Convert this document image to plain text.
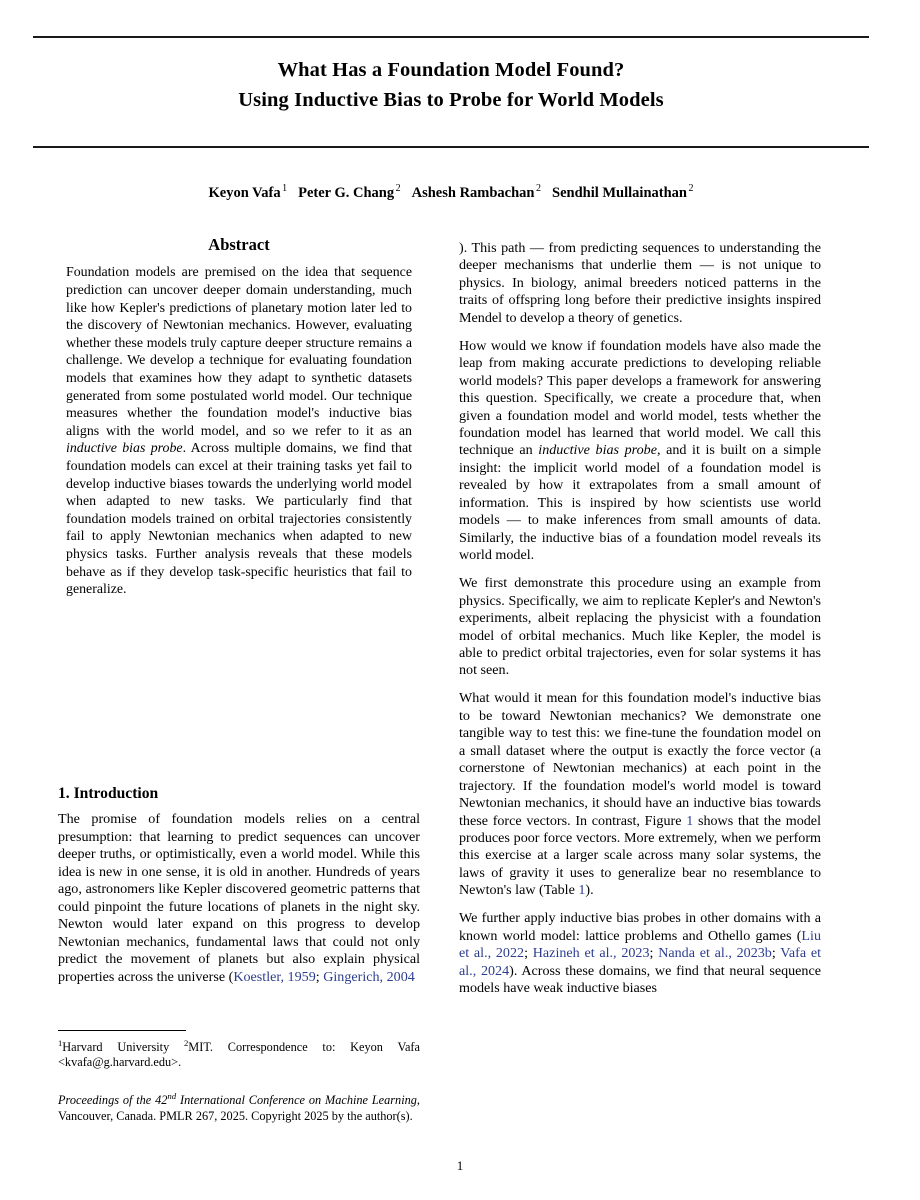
What Has a Foundation Model Found?
Using Inductive Bias to Probe for World Models
Keyon Vafa $^1$ Peter G. Chang $^2$ Ashesh Rambachan $^2$ Sendhil Mullainathan $^2$
Abstract

Foundation models are premised on the idea that sequence prediction can uncover deeper domain understanding, much like how Kepler's predictions of planetary motion later led to the discovery of Newtonian mechanics. However, evaluating whether these models truly capture deeper structure remains a challenge. We develop a technique for evaluating foundation models that examines how they adapt to synthetic datasets generated from some postulated world model. Our technique measures whether the foundation model's inductive bias aligns with the world model, and so we refer to it as an inductive bias probe. Across multiple domains, we find that foundation models can excel at their training tasks yet fail to develop inductive biases towards the underlying world model when adapted to new tasks. We particularly find that foundation models trained on orbital trajectories consistently fail to apply Newtonian mechanics when adapted to new physics tasks. Further analysis reveals that these models behave as if they develop task-specific heuristics that fail to generalize.

1. Introduction

The promise of foundation models relies on a central presumption: that learning to predict sequences can uncover deeper truths, or optimistically, even a world model. While this idea is new in one sense, it is old in another. Hundreds of years ago, astronomers like Kepler discovered geometric patterns that could pinpoint the future locations of planets in the night sky. Newton would later expand on this progress to develop Newtonian mechanics, fundamental laws that could not only predict the movement of planets but also explain physical properties across the universe (Koestler, 1959; Gingerich, 2004

). This path — from predicting sequences to understanding the deeper mechanisms that underlie them — is not unique to physics. In biology, animal breeders noticed patterns in the traits of offspring long before their predictive insights inspired Mendel to develop a theory of genetics.

How would we know if foundation models have also made the leap from making accurate predictions to developing reliable world models? This paper develops a framework for answering this question. Specifically, we create a procedure that, when given a foundation model and world model, tests whether the foundation model has learned that world model. We call this technique an inductive bias probe, and it is built on a simple insight: the implicit world model of a foundation model is revealed by how it extrapolates from a small amount of information. This is inspired by how scientists use world models — to make inferences from small amounts of data. Similarly, the inductive bias of a foundation model reveals its world model.

We first demonstrate this procedure using an example from physics. Specifically, we aim to replicate Kepler's and Newton's experiments, albeit replacing the physicist with a foundation model of orbital mechanics. Much like Kepler, the model is able to predict orbital trajectories, even for solar systems it has not seen.

What would it mean for this foundation model's inductive bias to be toward Newtonian mechanics? We demonstrate one tangible way to test this: we fine-tune the foundation model on a small dataset where the output is exactly the force vector (a cornerstone of Newtonian mechanics) at each point in the trajectory. If the foundation model's world model is toward Newtonian mechanics, it should have an inductive bias towards these force vectors. In contrast, Figure 1 shows that the model produces poor force vectors. More extremely, when we perform this exercise at a larger scale across many solar systems, the laws of gravity it uses to generalize bear no resemblance to Newton's law (Table 1).

We further apply inductive bias probes in other domains with a known world model: lattice problems and Othello games (Liu et al., 2022; Hazineh et al., 2023; Nanda et al., 2023b; Vafa et al., 2024). Across these domains, we find that neural sequence models have weak inductive biases

$^1$Harvard University $^2$MIT. Correspondence to: Keyon Vafa <kvafa@g.harvard.edu>.
Proceedings of the 42nd International Conference on Machine Learning, Vancouver, Canada. PMLR 267, 2025. Copyright 2025 by the author(s).
1
